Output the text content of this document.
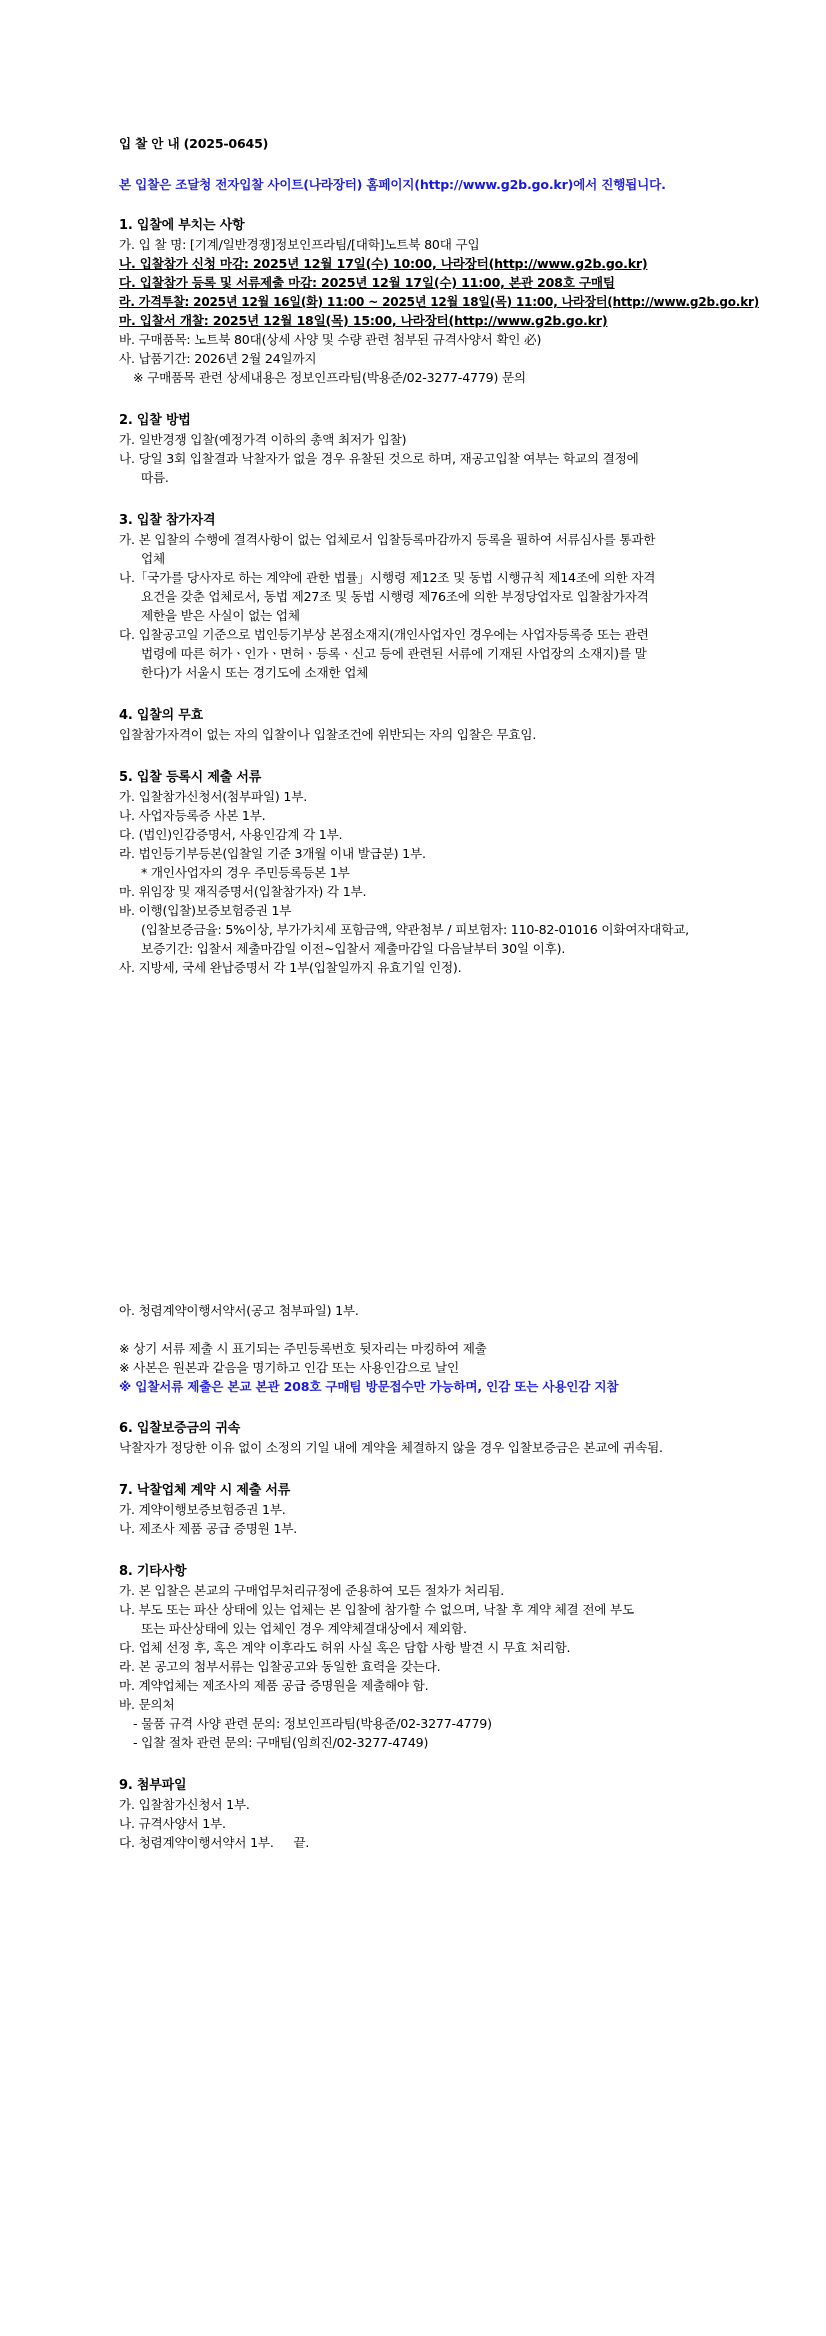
입 찰 안 내 (2025-0645)
본 입찰은 조달청 전자입찰 사이트(나라장터) 홈페이지(http://www.g2b.go.kr)에서 진행됩니다.
1. 입찰에 부치는 사항
가. 입 찰 명: [기계/일반경쟁]정보인프라팀/[대학]노트북 80대 구입
나. 입찰참가 신청 마감: 2025년 12월 17일(수) 10:00, 나라장터(http://www.g2b.go.kr)
다. 입찰참가 등록 및 서류제출 마감: 2025년 12월 17일(수) 11:00, 본관 208호 구매팀
라. 가격투찰: 2025년 12월 16일(화) 11:00 ~ 2025년 12월 18일(목) 11:00, 나라장터(http://www.g2b.go.kr)
마. 입찰서 개찰: 2025년 12월 18일(목) 15:00, 나라장터(http://www.g2b.go.kr)
바. 구매품목: 노트북 80대(상세 사양 및 수량 관련 첨부된 규격사양서 확인 必)
사. 납품기간: 2026년 2월 24일까지
※ 구매품목 관련 상세내용은 정보인프라팀(박용준/02-3277-4779) 문의
2. 입찰 방법
가. 일반경쟁 입찰(예정가격 이하의 총액 최저가 입찰)
나. 당일 3회 입찰결과 낙찰자가 없을 경우 유찰된 것으로 하며, 재공고입찰 여부는 학교의 결정에
따름.
3. 입찰 참가자격
가. 본 입찰의 수행에 결격사항이 없는 업체로서 입찰등록마감까지 등록을 필하여 서류심사를 통과한
업체
나.「국가를 당사자로 하는 계약에 관한 법률」시행령 제12조 및 동법 시행규칙 제14조에 의한 자격
요건을 갖춘 업체로서, 동법 제27조 및 동법 시행령 제76조에 의한 부정당업자로 입찰참가자격
제한을 받은 사실이 없는 업체
다. 입찰공고일 기준으로 법인등기부상 본점소재지(개인사업자인 경우에는 사업자등록증 또는 관련
법령에 따른 허가ㆍ인가ㆍ면허ㆍ등록ㆍ신고 등에 관련된 서류에 기재된 사업장의 소재지)를 말
한다)가 서울시 또는 경기도에 소재한 업체
4. 입찰의 무효
입찰참가자격이 없는 자의 입찰이나 입찰조건에 위반되는 자의 입찰은 무효임.
5. 입찰 등록시 제출 서류
가. 입찰참가신청서(첨부파일) 1부.
나. 사업자등록증 사본 1부.
다. (법인)인감증명서, 사용인감계 각 1부.
라. 법인등기부등본(입찰일 기준 3개월 이내 발급분) 1부.
* 개인사업자의 경우 주민등록등본 1부
마. 위임장 및 재직증명서(입찰참가자) 각 1부.
바. 이행(입찰)보증보험증권 1부
(입찰보증금율: 5%이상, 부가가치세 포함금액, 약관첨부 / 피보험자: 110-82-01016 이화여자대학교,
보증기간: 입찰서 제출마감일 이전~입찰서 제출마감일 다음날부터 30일 이후).
사. 지방세, 국세 완납증명서 각 1부(입찰일까지 유효기일 인정).
아. 청렴계약이행서약서(공고 첨부파일) 1부.
※ 상기 서류 제출 시 표기되는 주민등록번호 뒷자리는 마킹하여 제출
※ 사본은 원본과 같음을 명기하고 인감 또는 사용인감으로 날인
※ 입찰서류 제출은 본교 본관 208호 구매팀 방문접수만 가능하며, 인감 또는 사용인감 지참
6. 입찰보증금의 귀속
낙찰자가 정당한 이유 없이 소정의 기일 내에 계약을 체결하지 않을 경우 입찰보증금은 본교에 귀속됨.
7. 낙찰업체 계약 시 제출 서류
가. 계약이행보증보험증권 1부.
나. 제조사 제품 공급 증명원 1부.
8. 기타사항
가. 본 입찰은 본교의 구매업무처리규정에 준용하여 모든 절차가 처리됨.
나. 부도 또는 파산 상태에 있는 업체는 본 입찰에 참가할 수 없으며, 낙찰 후 계약 체결 전에 부도
또는 파산상태에 있는 업체인 경우 계약체결대상에서 제외함.
다. 업체 선정 후, 혹은 계약 이후라도 허위 사실 혹은 담합 사항 발견 시 무효 처리함.
라. 본 공고의 첨부서류는 입찰공고와 동일한 효력을 갖는다.
마. 계약업체는 제조사의 제품 공급 증명원을 제출해야 함.
바. 문의처
- 물품 규격 사양 관련 문의: 정보인프라팀(박용준/02-3277-4779)
- 입찰 절차 관련 문의: 구매팀(임희진/02-3277-4749)
9. 첨부파일
가. 입찰참가신청서 1부.
나. 규격사양서 1부.
다. 청렴계약이행서약서 1부. 끝.
